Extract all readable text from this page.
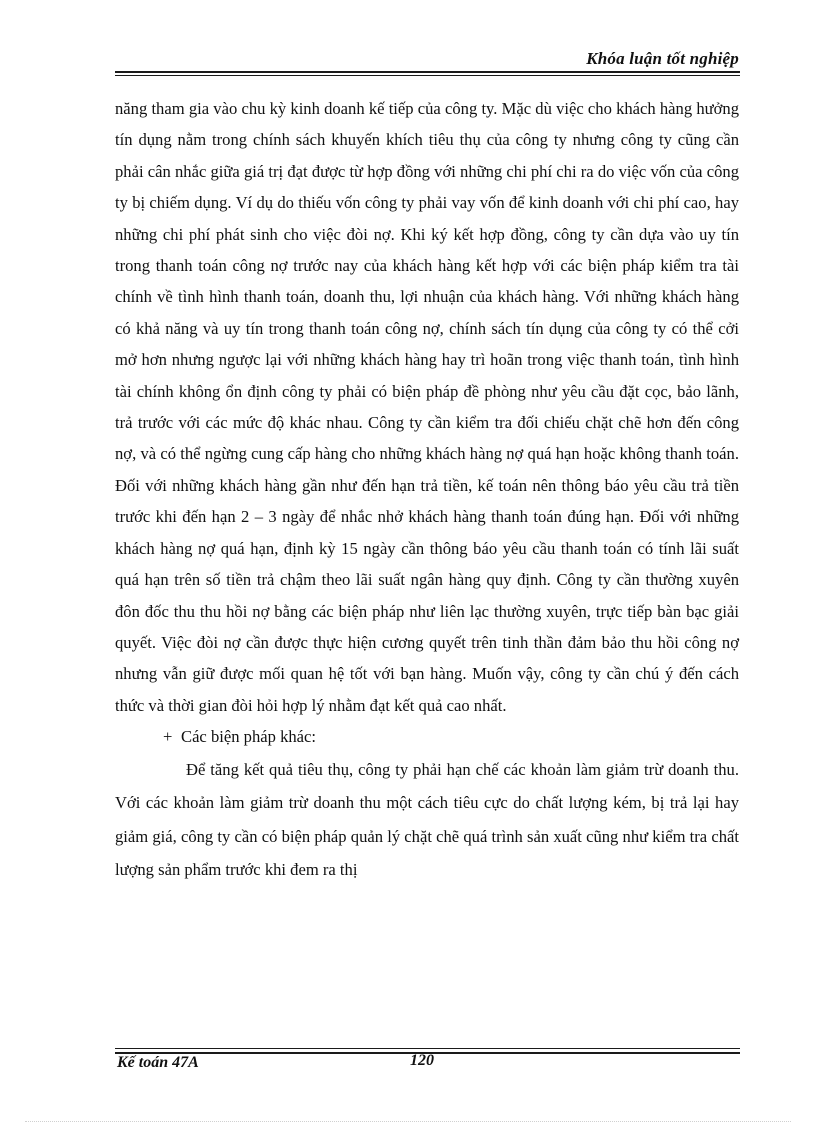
Khóa luận tốt nghiệp

năng tham gia vào chu kỳ kinh doanh kế tiếp của công ty. Mặc dù việc cho khách hàng hưởng tín dụng nằm trong chính sách khuyến khích tiêu thụ của công ty nhưng công ty cũng cần phải cân nhắc giữa giá trị đạt được từ hợp đồng với những chi phí chi ra do việc vốn của công ty bị chiếm dụng. Ví dụ do thiếu vốn công ty phải vay vốn để kinh doanh với chi phí cao, hay những chi phí phát sinh cho việc đòi nợ. Khi ký kết hợp đồng, công ty cần dựa vào uy tín trong thanh toán công nợ trước nay của khách hàng kết hợp với các biện pháp kiểm tra tài chính về tình hình thanh toán, doanh thu, lợi nhuận của khách hàng. Với những khách hàng có khả năng và uy tín trong thanh toán công nợ, chính sách tín dụng của công ty có thể cởi mở hơn nhưng ngược lại với những khách hàng hay trì hoãn trong việc thanh toán, tình hình tài chính không ổn định công ty phải có biện pháp đề phòng như yêu cầu đặt cọc, bảo lãnh, trả trước với các mức độ khác nhau. Công ty cần kiểm tra đối chiếu chặt chẽ hơn đến công nợ, và có thể ngừng cung cấp hàng cho những khách hàng nợ quá hạn hoặc không thanh toán. Đối với những khách hàng gần như đến hạn trả tiền, kế toán nên thông báo yêu cầu trả tiền trước khi đến hạn 2 – 3 ngày để nhắc nhở khách hàng thanh toán đúng hạn. Đối với những khách hàng nợ quá hạn, định kỳ 15 ngày cần thông báo yêu cầu thanh toán có tính lãi suất quá hạn trên số tiền trả chậm theo lãi suất ngân hàng quy định. Công ty cần thường xuyên đôn đốc thu thu hồi nợ bằng các biện pháp như liên lạc thường xuyên, trực tiếp bàn bạc giải quyết. Việc đòi nợ cần được thực hiện cương quyết trên tinh thần đảm bảo thu hồi công nợ nhưng vẫn giữ được mối quan hệ tốt với bạn hàng. Muốn vậy, công ty cần chú ý đến cách thức và thời gian đòi hỏi hợp lý nhằm đạt kết quả cao nhất.

+ Các biện pháp khác:

Để tăng kết quả tiêu thụ, công ty phải hạn chế các khoản làm giảm trừ doanh thu. Với các khoản làm giảm trừ doanh thu một cách tiêu cực do chất lượng kém, bị trả lại hay giảm giá, công ty cần có biện pháp quản lý chặt chẽ quá trình sản xuất cũng như kiểm tra chất lượng sản phẩm trước khi đem ra thị

Kế toán 47A	120
